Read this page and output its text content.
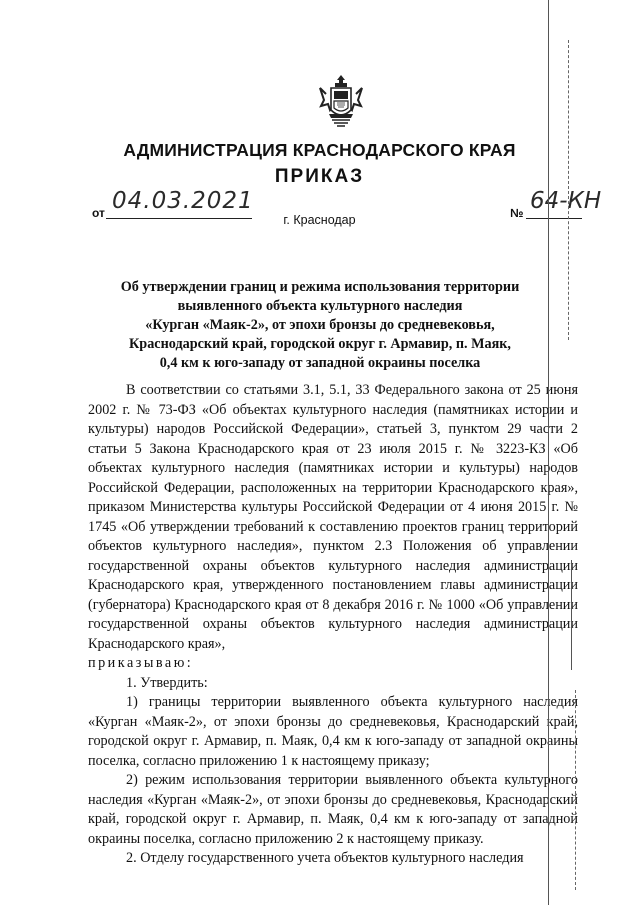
АДМИНИСТРАЦИЯ КРАСНОДАРСКОГО КРАЯ
ПРИКАЗ
от 04.03.2021	№ 64-КН
г. Краснодар
Об утверждении границ и режима использования территории
выявленного объекта культурного наследия
«Курган «Маяк-2», от эпохи бронзы до средневековья,
Краснодарский край, городской округ г. Армавир, п. Маяк,
0,4 км к юго-западу от западной окраины поселка

В соответствии со статьями 3.1, 5.1, 33 Федерального закона от 25 июня 2002 г. № 73-ФЗ «Об объектах культурного наследия (памятниках истории и культуры) народов Российской Федерации», статьей 3, пунктом 29 части 2 статьи 5 Закона Краснодарского края от 23 июля 2015 г. № 3223-КЗ «Об объектах культурного наследия (памятниках истории и культуры) народов Российской Федерации, расположенных на территории Краснодарского края», приказом Министерства культуры Российской Федерации от 4 июня 2015 г. № 1745 «Об утверждении требований к составлению проектов границ территорий объектов культурного наследия», пунктом 2.3 Положения об управлении государственной охраны объектов культурного наследия администрации Краснодарского края, утвержденного постановлением главы администрации (губернатора) Краснодарского края от 8 декабря 2016 г. № 1000 «Об управлении государственной охраны объектов культурного наследия администрации Краснодарского края»,

приказываю:

1. Утвердить:

1) границы территории выявленного объекта культурного наследия «Курган «Маяк-2», от эпохи бронзы до средневековья, Краснодарский край, городской округ г. Армавир, п. Маяк, 0,4 км к юго-западу от западной окраины поселка, согласно приложению 1 к настоящему приказу;

2) режим использования территории выявленного объекта культурного наследия «Курган «Маяк-2», от эпохи бронзы до средневековья, Краснодарский край, городской округ г. Армавир, п. Маяк, 0,4 км к юго-западу от западной окраины поселка, согласно приложению 2 к настоящему приказу.

2. Отделу государственного учета объектов культурного наследия
